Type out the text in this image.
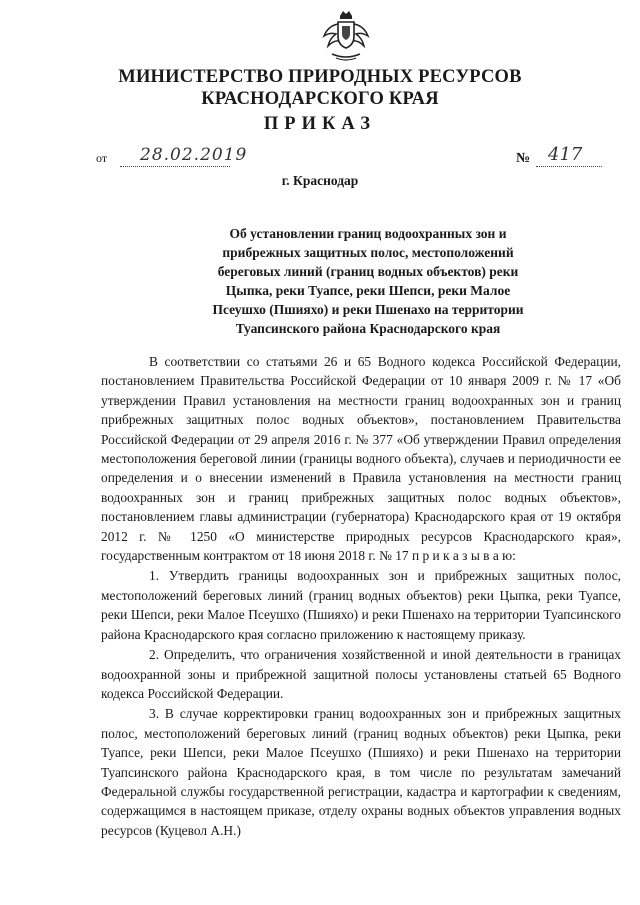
МИНИСТЕРСТВО ПРИРОДНЫХ РЕСУРСОВ
КРАСНОДАРСКОГО КРАЯ
ПРИКАЗ
от 28.02.2019	№ 417
г. Краснодар
Об установлении границ водоохранных зон и
прибрежных защитных полос, местоположений
береговых линий (границ водных объектов) реки
Цыпка, реки Туапсе, реки Шепси, реки Малое
Псеушхо (Пшияхо) и реки Пшенахо на территории
Туапсинского района Краснодарского края

В соответствии со статьями 26 и 65 Водного кодекса Российской Федерации, постановлением Правительства Российской Федерации от 10 января 2009 г. № 17 «Об утверждении Правил установления на местности границ водоохранных зон и границ прибрежных защитных полос водных объектов», постановлением Правительства Российской Федерации от 29 апреля 2016 г. № 377 «Об утверждении Правил определения местоположения береговой линии (границы водного объекта), случаев и периодичности ее определения и о внесении изменений в Правила установления на местности границ водоохранных зон и границ прибрежных защитных полос водных объектов», постановлением главы администрации (губернатора) Краснодарского края от 19 октября 2012 г. № 1250 «О министерстве природных ресурсов Краснодарского края», государственным контрактом от 18 июня 2018 г. № 17 п р и к а з ы в а ю:

1. Утвердить границы водоохранных зон и прибрежных защитных полос, местоположений береговых линий (границ водных объектов) реки Цыпка, реки Туапсе, реки Шепси, реки Малое Псеушхо (Пшияхо) и реки Пшенахо на территории Туапсинского района Краснодарского края согласно приложению к настоящему приказу.

2. Определить, что ограничения хозяйственной и иной деятельности в границах водоохранной зоны и прибрежной защитной полосы установлены статьей 65 Водного кодекса Российской Федерации.

3. В случае корректировки границ водоохранных зон и прибрежных защитных полос, местоположений береговых линий (границ водных объектов) реки Цыпка, реки Туапсе, реки Шепси, реки Малое Псеушхо (Пшияхо) и реки Пшенахо на территории Туапсинского района Краснодарского края, в том числе по результатам замечаний Федеральной службы государственной регистрации, кадастра и картографии к сведениям, содержащимся в настоящем приказе, отделу охраны водных объектов управления водных ресурсов (Куцевол А.Н.)
